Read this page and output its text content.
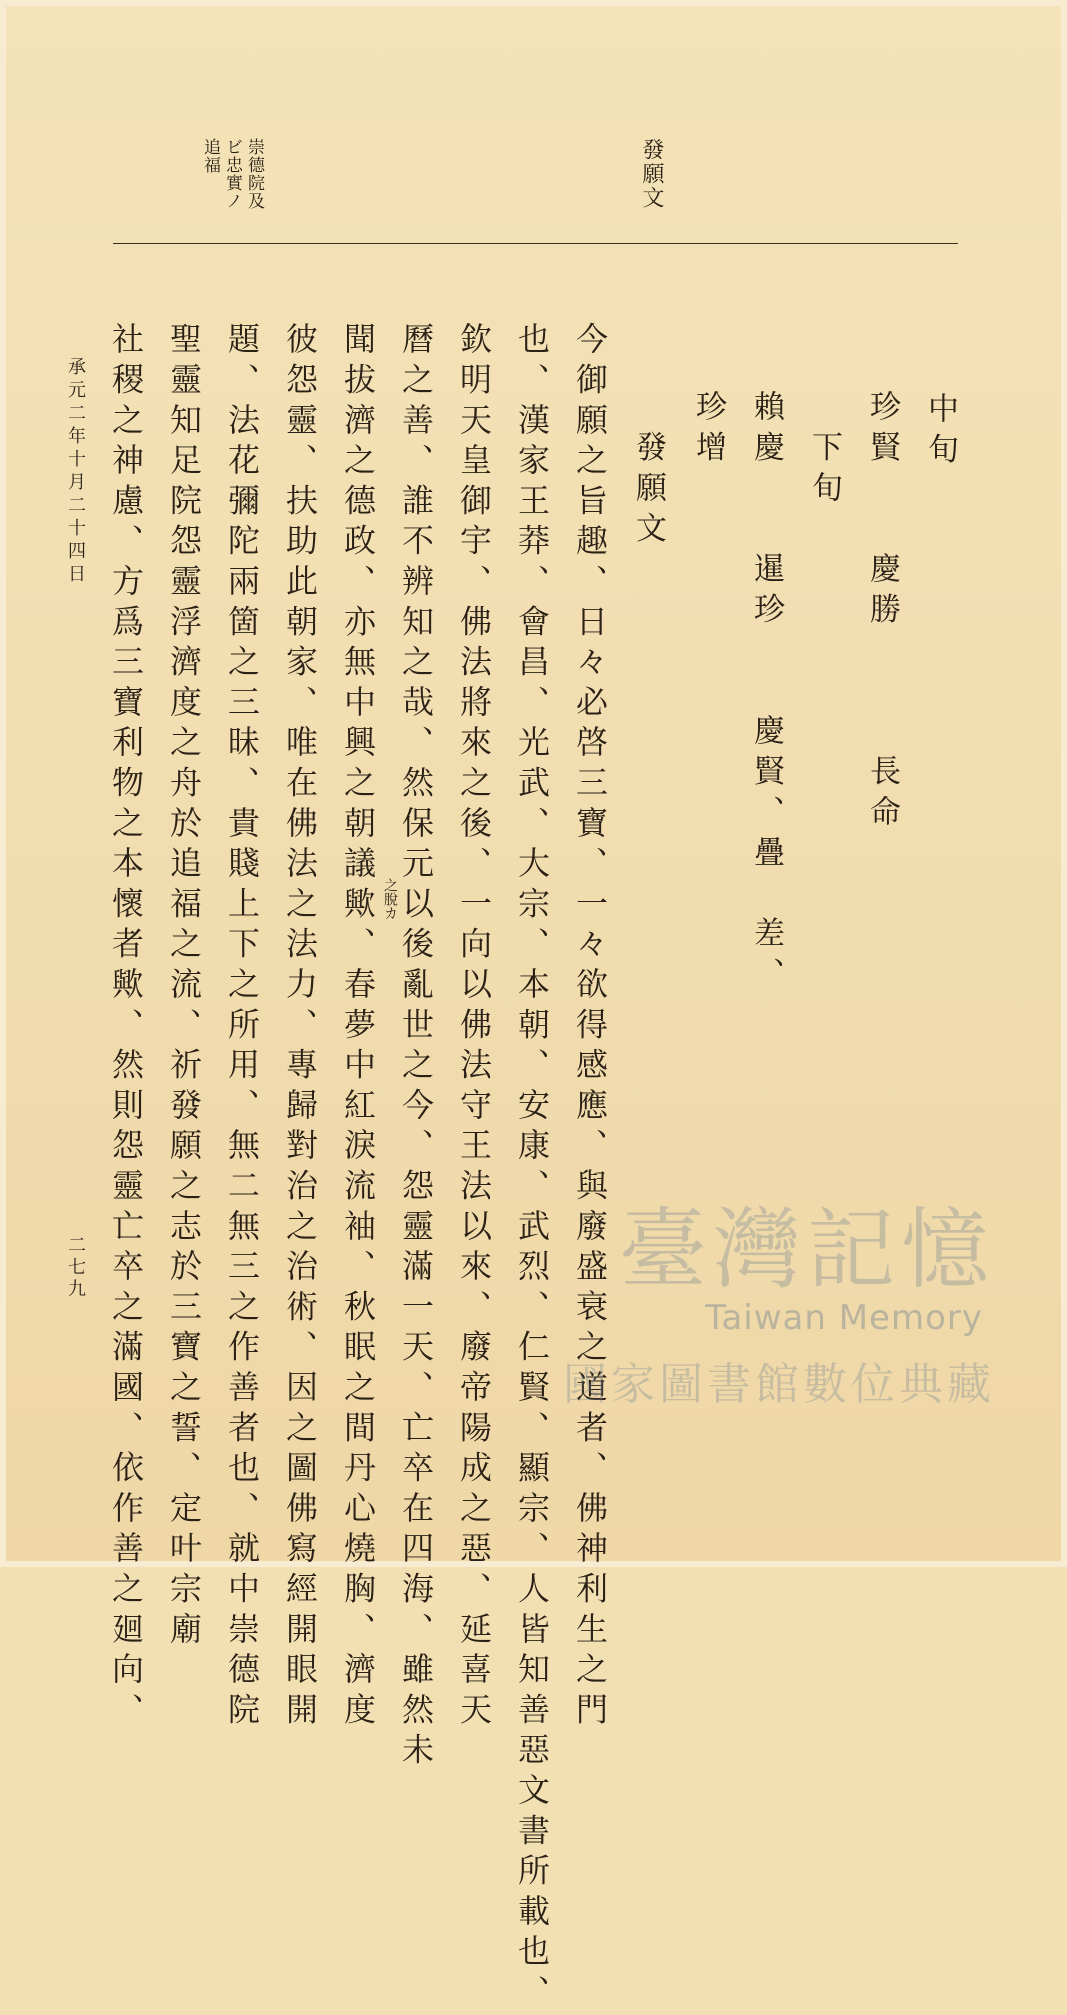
發願文
崇德院及
ビ忠實ノ
追福
中旬
珍賢　　慶勝　　　長命
　下旬
賴慶　　暹珍　　慶賢、疊　差、
珍增
　發願文
今御願之旨趣、日々必啓三寶、一々欲得感應、與廢盛衰之道者、佛神利生之門
也、漢家王莽、會昌、光武、大宗、本朝、安康、武烈、仁賢、顯宗、人皆知善惡文書所載也、
欽明天皇御宇、佛法將來之後、一向以佛法守王法以來、廢帝陽成之惡、延喜天
曆之善、誰不辨知之哉、然保元以後亂世之今、怨靈滿一天、亡卒在四海、雖然未
聞拔濟之德政、亦無中興之朝議歟、春夢中紅淚流袖、秋眠之間丹心燒胸、濟度
彼怨靈、扶助此朝家、唯在佛法之法力、專歸對治之治術、因之圖佛寫經開眼開
題、法花彌陀兩箇之三昧、貴賤上下之所用、無二無三之作善者也、就中崇德院
聖靈知足院怨靈浮濟度之舟於追福之流、祈發願之志於三寶之誓、定叶宗廟
社稷之神慮、方爲三寶利物之本懷者歟、然則怨靈亡卒之滿國、依作善之廻向、	之脫カ
承元二年十月二十四日
二七九	臺灣記憶
Taiwan Memory
國家圖書館數位典藏
